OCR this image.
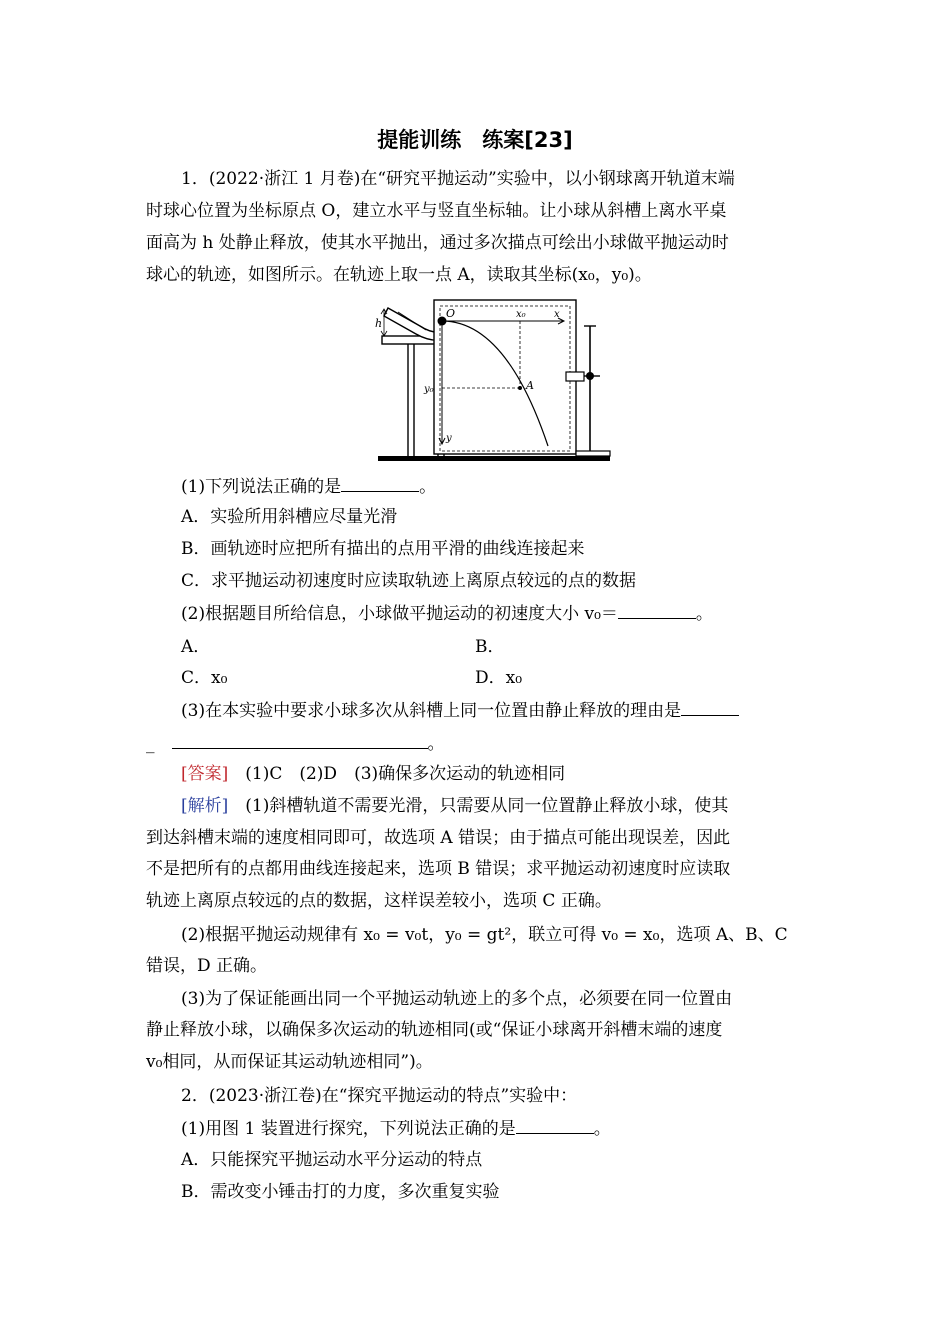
提能训练　练案[23]
1．(2022·浙江 1 月卷)在“研究平抛运动”实验中，以小钢球离开轨道末端
时球心位置为坐标原点 O，建立水平与竖直坐标轴。让小球从斜槽上离水平桌
面高为 h 处静止释放，使其水平抛出，通过多次描点可绘出小球做平抛运动时
球心的轨迹，如图所示。在轨迹上取一点 A，读取其坐标(x₀，y₀)。
h
O	x₀	x
y₀
y
A
(1)下列说法正确的是	。
A．实验所用斜槽应尽量光滑
B．画轨迹时应把所有描出的点用平滑的曲线连接起来
C．求平抛运动初速度时应读取轨迹上离原点较远的点的数据
(2)根据题目所给信息，小球做平抛运动的初速度大小 v₀＝	。
A．	B．
C．x₀	D．x₀
(3)在本实验中要求小球多次从斜槽上同一位置由静止释放的理由是
_　	。
[答案]　 (1)C　(2)D　(3)确保多次运动的轨迹相同
[解析]　 (1)斜槽轨道不需要光滑，只需要从同一位置静止释放小球，使其
到达斜槽末端的速度相同即可，故选项 A 错误；由于描点可能出现误差，因此
不是把所有的点都用曲线连接起来，选项 B 错误；求平抛运动初速度时应读取
轨迹上离原点较远的点的数据，这样误差较小，选项 C 正确。
(2)根据平抛运动规律有 x₀ = v₀t，y₀ = gt²，联立可得 v₀ = x₀，选项 A、B、C
错误，D 正确。
(3)为了保证能画出同一个平抛运动轨迹上的多个点，必须要在同一位置由
静止释放小球，以确保多次运动的轨迹相同(或“保证小球离开斜槽末端的速度
v₀相同，从而保证其运动轨迹相同”)。
2．(2023·浙江卷)在“探究平抛运动的特点”实验中：
(1)用图 1 装置进行探究，下列说法正确的是	。
A．只能探究平抛运动水平分运动的特点
B．需改变小锤击打的力度，多次重复实验
